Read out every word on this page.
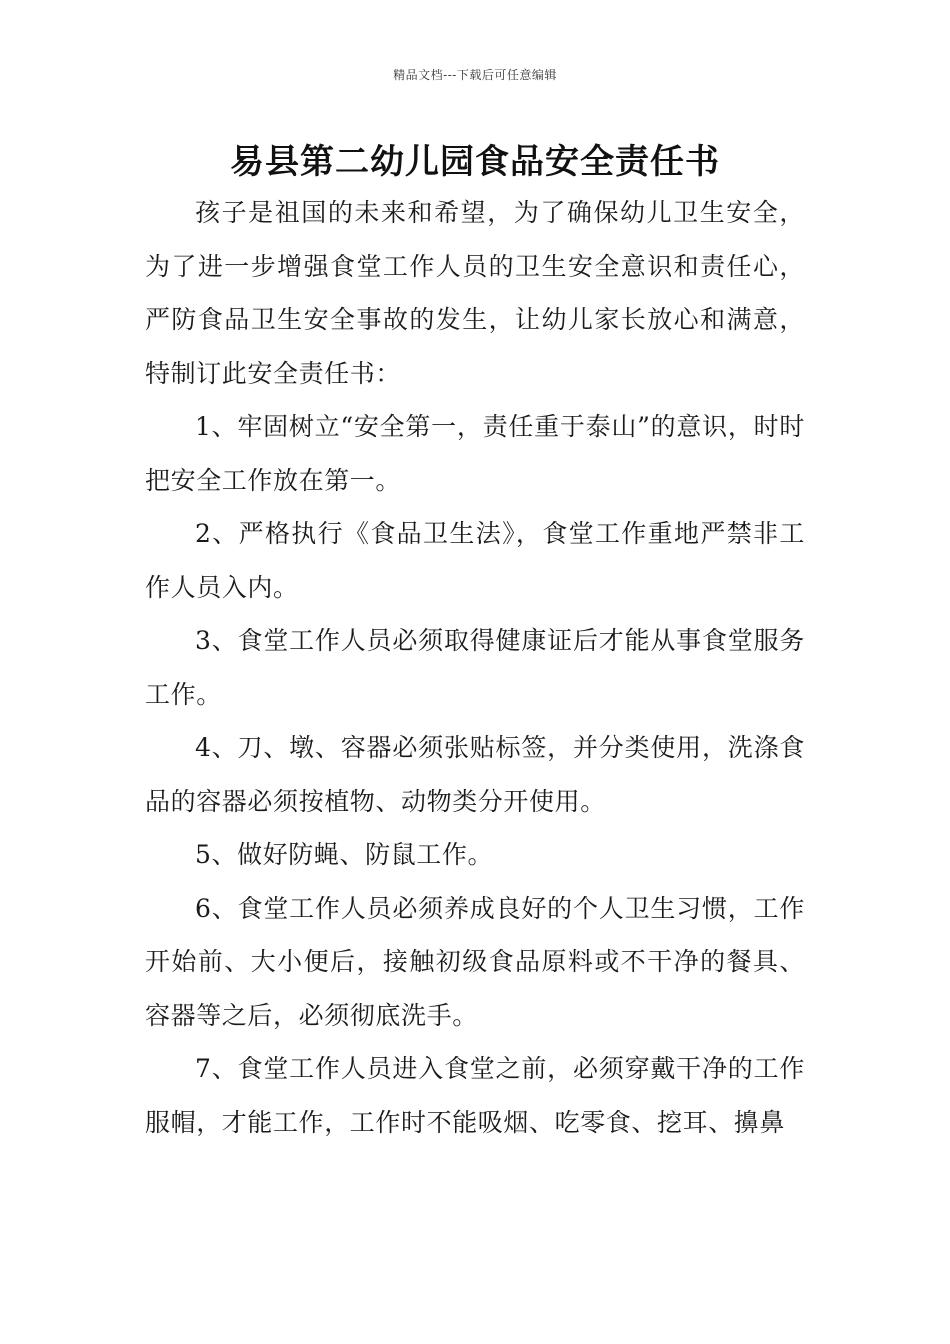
精品文档---下载后可任意编辑
易县第二幼儿园食品安全责任书

孩子是祖国的未来和希望，为了确保幼儿卫生安全，为了进一步增强食堂工作人员的卫生安全意识和责任心，严防食品卫生安全事故的发生，让幼儿家长放心和满意，特制订此安全责任书：

1、牢固树立“安全第一，责任重于泰山”的意识，时时把安全工作放在第一。

2、严格执行《食品卫生法》，食堂工作重地严禁非工作人员入内。

3、食堂工作人员必须取得健康证后才能从事食堂服务工作。

4、刀、墩、容器必须张贴标签，并分类使用，洗涤食品的容器必须按植物、动物类分开使用。

5、做好防蝇、防鼠工作。

6、食堂工作人员必须养成良好的个人卫生习惯，工作开始前、大小便后，接触初级食品原料或不干净的餐具、容器等之后，必须彻底洗手。

7、食堂工作人员进入食堂之前，必须穿戴干净的工作服帽，才能工作，工作时不能吸烟、吃零食、挖耳、擤鼻
